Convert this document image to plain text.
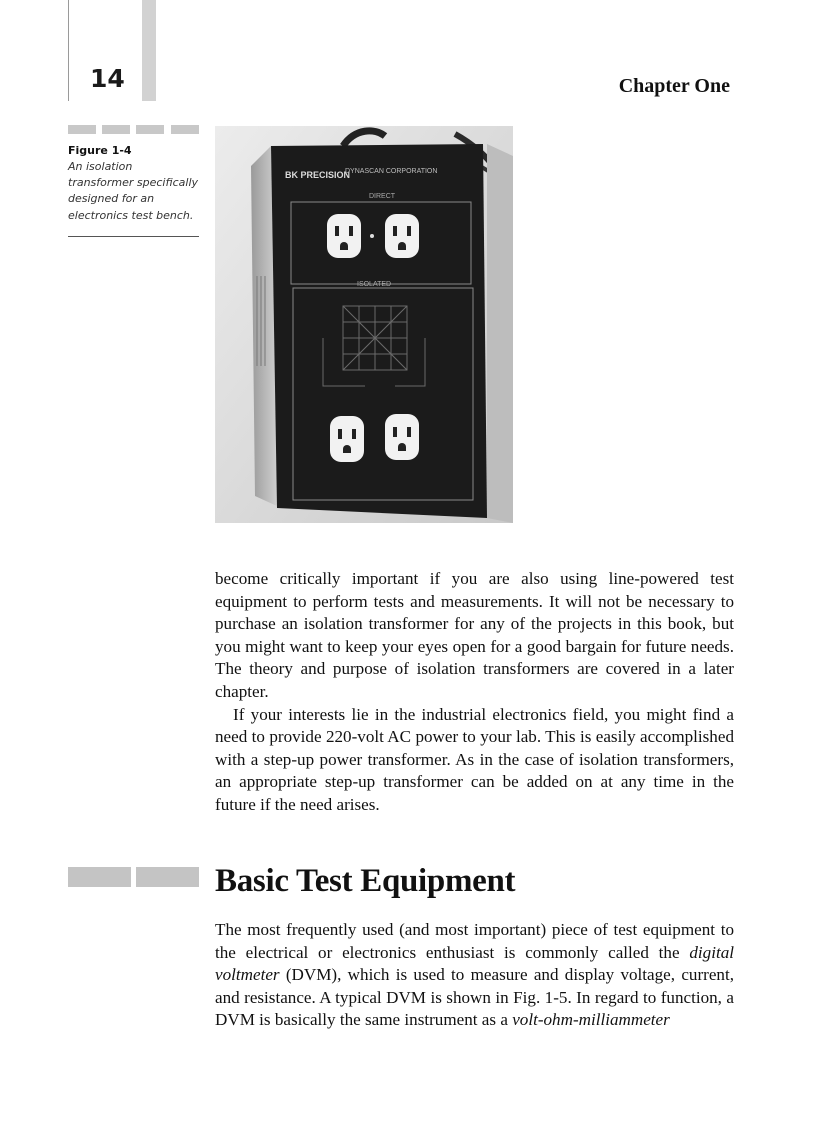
14	Chapter One
Figure 1-4
An isolation transformer specifically designed for an electronics test bench.
BK PRECISION
DYNASCAN CORPORATION
DIRECT
ISOLATED

become critically important if you are also using line-powered test equipment to perform tests and measurements. It will not be necessary to purchase an isolation transformer for any of the projects in this book, but you might want to keep your eyes open for a good bargain for future needs. The theory and purpose of isolation transformers are covered in a later chapter.

If your interests lie in the industrial electronics field, you might find a need to provide 220-volt AC power to your lab. This is easily accomplished with a step-up power transformer. As in the case of isolation transformers, an appropriate step-up transformer can be added on at any time in the future if the need arises.

Basic Test Equipment

The most frequently used (and most important) piece of test equipment to the electrical or electronics enthusiast is commonly called the digital voltmeter (DVM), which is used to measure and display voltage, current, and resistance. A typical DVM is shown in Fig. 1-5. In regard to function, a DVM is basically the same instrument as a volt-ohm-milliammeter
